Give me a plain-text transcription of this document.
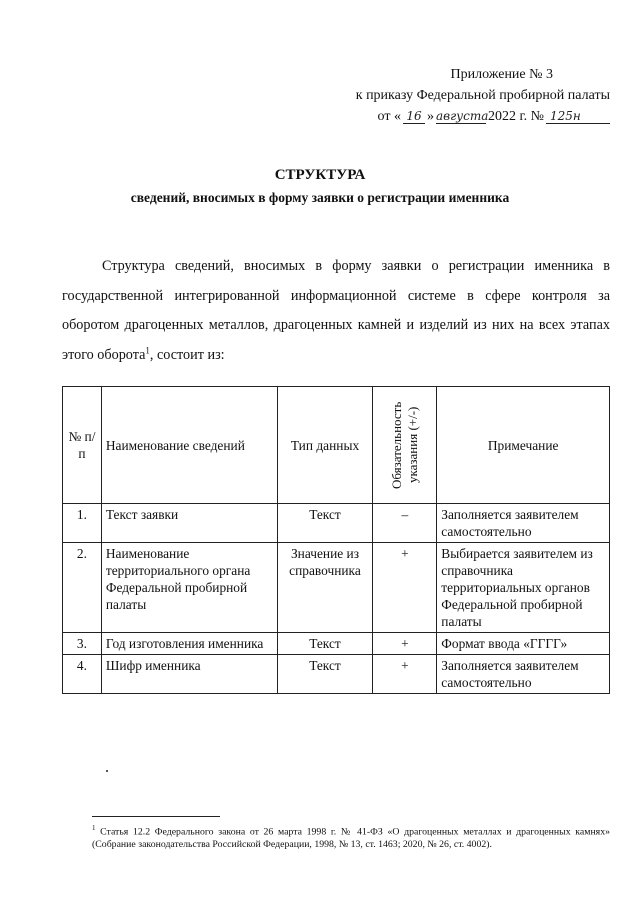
Приложение № 3
к приказу Федеральной пробирной палаты
от « 16 » августа 2022 г. № 125н
СТРУКТУРА
сведений, вносимых в форму заявки о регистрации именника
Структура сведений, вносимых в форму заявки о регистрации именника в государственной интегрированной информационной системе в сфере контроля за оборотом драгоценных металлов, драгоценных камней и изделий из них на всех этапах этого оборота$^1$, состоит из:
№ п/п	Наименование сведений	Тип данных	Обязательность указания (+/-)	Примечание
1.	Текст заявки	Текст	–	Заполняется заявителем самостоятельно
2.	Наименование территориального органа Федеральной пробирной палаты	Значение из справочника	+	Выбирается заявителем из справочника территориальных органов Федеральной пробирной палаты
3.	Год изготовления именника	Текст	+	Формат ввода «ГГГГ»
4.	Шифр именника	Текст	+	Заполняется заявителем самостоятельно
$^1$ Статья 12.2 Федерального закона от 26 марта 1998 г. № 41-ФЗ «О драгоценных металлах и драгоценных камнях» (Собрание законодательства Российской Федерации, 1998, № 13, ст. 1463; 2020, № 26, ст. 4002).
